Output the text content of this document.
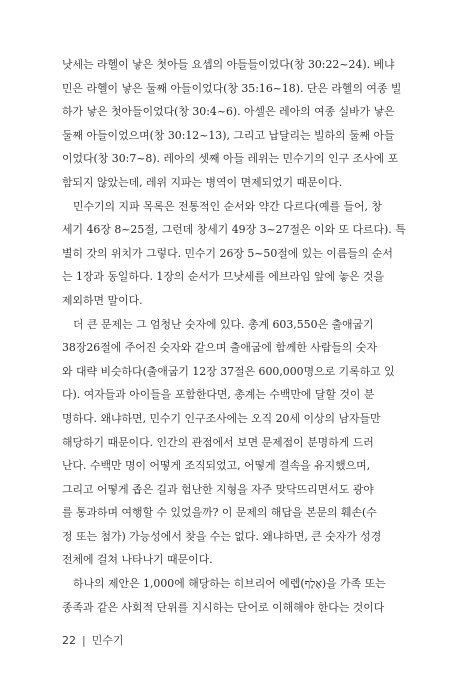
낫세는 라헬이 낳은 첫아들 요셉의 아들들이었다(창 30:22~24). 베냐
민은 라헬이 낳은 둘째 아들이었다(창 35:16~18). 단은 라헬의 여종 빌
하가 낳은 첫아들이었다(창 30:4~6). 아셀은 레아의 여종 실바가 낳은
둘째 아들이었으며(창 30:12~13), 그리고 납달리는 빌하의 둘째 아들
이었다(창 30:7~8). 레아의 셋째 아들 레위는 민수기의 인구 조사에 포
함되지 않았는데, 레위 지파는 병역이 면제되었기 때문이다.

민수기의 지파 목록은 전통적인 순서와 약간 다르다(예를 들어, 창
세기 46장 8~25절, 그런데 창세기 49장 3~27절은 이와 또 다르다). 특
별히 갓의 위치가 그렇다. 민수기 26장 5~50절에 있는 이름들의 순서
는 1장과 동일하다. 1장의 순서가 므낫세를 에브라임 앞에 놓은 것을
제외하면 말이다.

더 큰 문제는 그 엄청난 숫자에 있다. 총계 603,550은 출애굽기
38장26절에 주어진 숫자와 같으며 출애굽에 함께한 사람들의 숫자
와 대략 비슷하다(출애굽기 12장 37절은 600,000명으로 기록하고 있
다). 여자들과 아이들을 포함한다면, 총계는 수백만에 달할 것이 분
명하다. 왜냐하면, 민수기 인구조사에는 오직 20세 이상의 남자들만
해당하기 때문이다. 인간의 관점에서 보면 문제점이 분명하게 드러
난다. 수백만 명이 어떻게 조직되었고, 어떻게 결속을 유지했으며,
그리고 어떻게 좁은 길과 험난한 지형을 자주 맞닥뜨리면서도 광야
를 통과하며 여행할 수 있었을까? 이 문제의 해답을 본문의 훼손(수
정 또는 첨가) 가능성에서 찾을 수는 없다. 왜냐하면, 큰 숫자가 성경
전체에 걸쳐 나타나기 때문이다.

하나의 제안은 1,000에 해당하는 히브리어 에렙(אֶלֶף)을 가족 또는
종족과 같은 사회적 단위를 지시하는 단어로 이해해야 한다는 것이다

22 | 민수기
